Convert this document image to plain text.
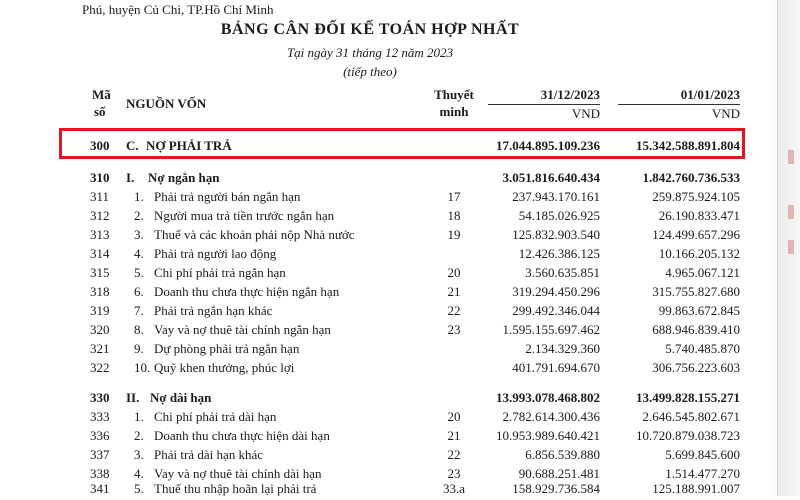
Phú, huyện Củ Chi, TP.Hồ Chí Minh
BẢNG CÂN ĐỐI KẾ TOÁN HỢP NHẤT
Tại ngày 31 tháng 12 năm 2023
(tiếp theo)
Mã
số
NGUỒN VỐN
Thuyết
minh
31/12/2023
VND
01/01/2023
VND
300 C. NỢ PHẢI TRẢ	17.044.895.109.236	15.342.588.891.804
310 I. Nợ ngắn hạn	3.051.816.640.434	1.842.760.736.533
311 1. Phải trả người bán ngắn hạn	17	237.943.170.161	259.875.924.105
312 2. Người mua trả tiền trước ngắn hạn	18	54.185.026.925	26.190.833.471
313 3. Thuế và các khoản phải nộp Nhà nước	19	125.832.903.540	124.499.657.296
314 4. Phải trả người lao động	12.426.386.125	10.166.205.132
315 5. Chi phí phải trả ngắn hạn	20	3.560.635.851	4.965.067.121
318 6. Doanh thu chưa thực hiện ngắn hạn	21	319.294.450.296	315.755.827.680
319 7. Phải trả ngắn hạn khác	22	299.492.346.044	99.863.672.845
320 8. Vay và nợ thuê tài chính ngắn hạn	23	1.595.155.697.462	688.946.839.410
321 9. Dự phòng phải trả ngắn hạn	2.134.329.360	5.740.485.870
322 10. Quỹ khen thưởng, phúc lợi	401.791.694.670	306.756.223.603
330 II. Nợ dài hạn	13.993.078.468.802	13.499.828.155.271
333 1. Chi phí phải trả dài hạn	20	2.782.614.300.436	2.646.545.802.671
336 2. Doanh thu chưa thực hiện dài hạn	21	10.953.989.640.421	10.720.879.038.723
337 3. Phải trả dài hạn khác	22	6.856.539.880	5.699.845.600
338 4. Vay và nợ thuê tài chính dài hạn	23	90.688.251.481	1.514.477.270
341 5. Thuế thu nhập hoãn lại phải trả	33.a	158.929.736.584	125.188.991.007
